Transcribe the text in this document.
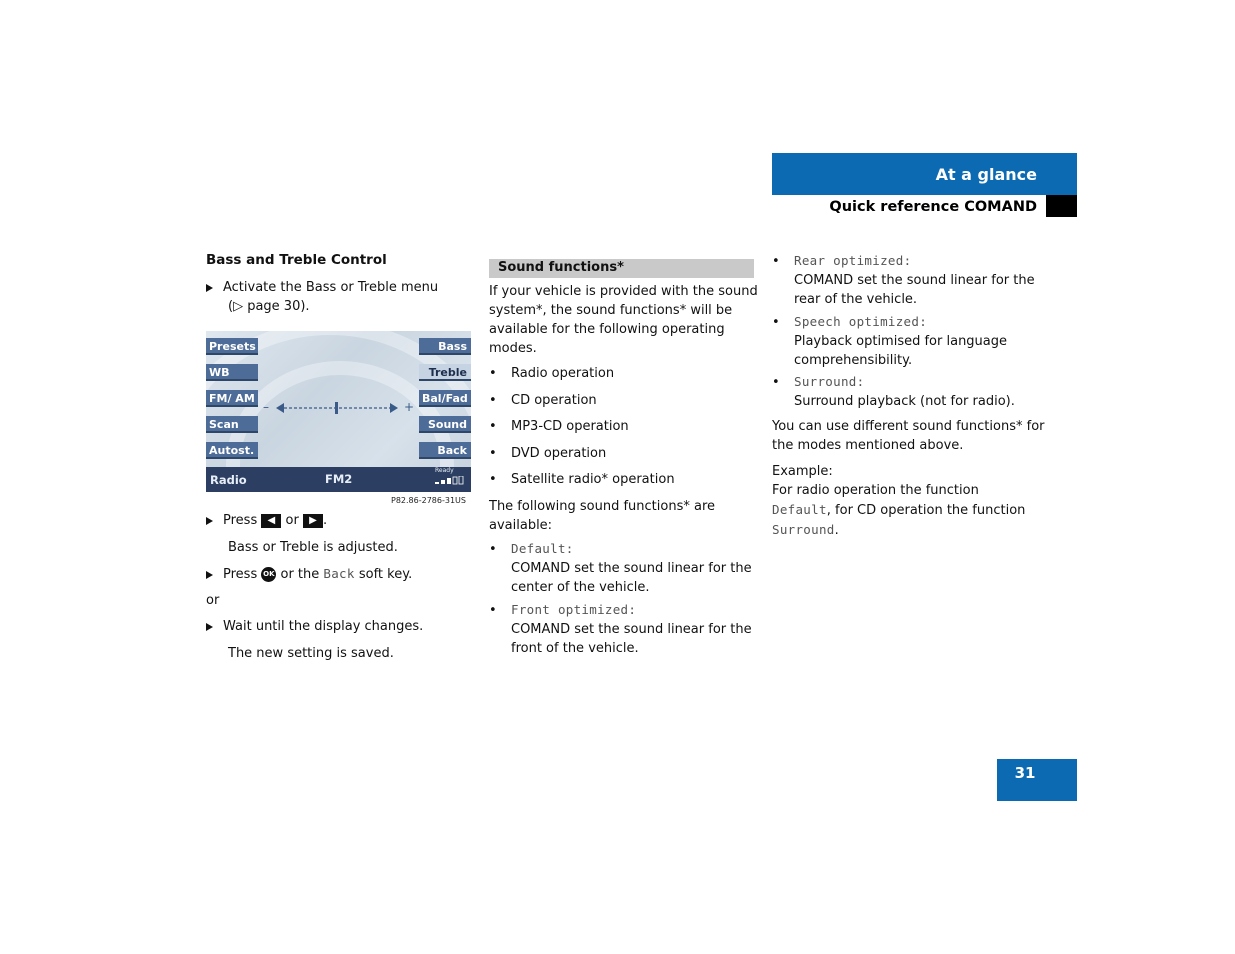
At a glance
Quick reference COMAND
Bass and Treble Control
Activate the Bass or Treble menu
(▷ page 30).
Presets
WB
FM/ AM
Scan
Autost.
Bass
Treble
Bal/Fad
Sound
Back
–	+
Radio	FM2
Ready
P82.86-2786-31US
Press ◀ or ▶ .
Bass or Treble is adjusted.
Press OK or the Back soft key.
or
Wait until the display changes.
The new setting is saved.
Sound functions*
If your vehicle is provided with the sound
system*, the sound functions* will be
available for the following operating
modes.
• Radio operation
• CD operation
• MP3-CD operation
• DVD operation
• Satellite radio* operation
The following sound functions* are
available:
• Default:
COMAND set the sound linear for the
center of the vehicle.
• Front optimized:
COMAND set the sound linear for the
front of the vehicle.
• Rear optimized:
COMAND set the sound linear for the
rear of the vehicle.
• Speech optimized:
Playback optimised for language
comprehensibility.
• Surround:
Surround playback (not for radio).
You can use different sound functions* for
the modes mentioned above.
Example:
For radio operation the function
Default, for CD operation the function
Surround.
31
